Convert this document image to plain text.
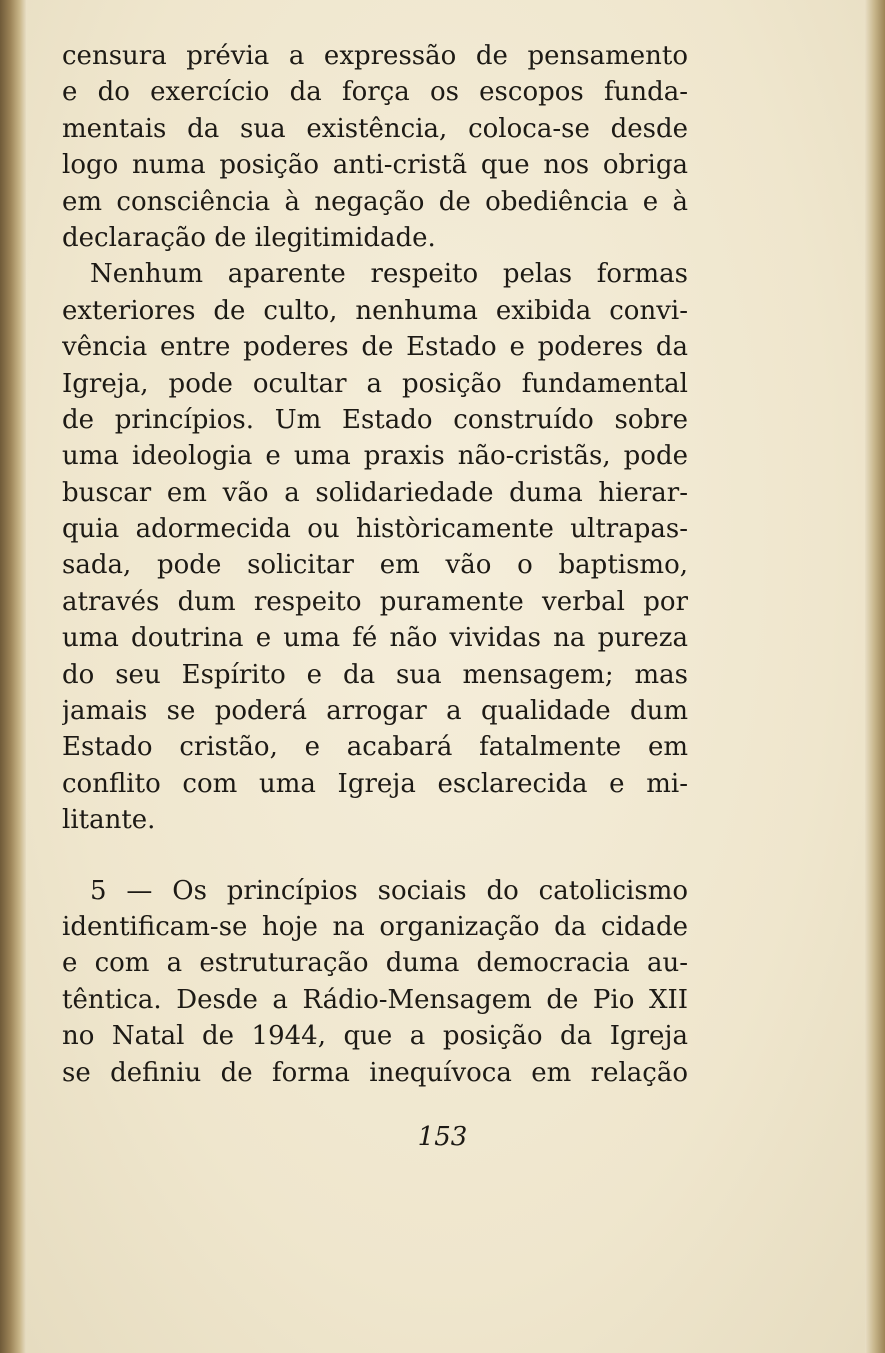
censura prévia a expressão de pensamento
e do exercício da força os escopos funda-
mentais da sua existência, coloca-se desde
logo numa posição anti-cristã que nos obriga
em consciência à negação de obediência e à
declaração de ilegitimidade.
Nenhum aparente respeito pelas formas
exteriores de culto, nenhuma exibida convi-
vência entre poderes de Estado e poderes da
Igreja, pode ocultar a posição fundamental
de princípios. Um Estado construído sobre
uma ideologia e uma praxis não-cristãs, pode
buscar em vão a solidariedade duma hierar-
quia adormecida ou històricamente ultrapas-
sada, pode solicitar em vão o baptismo,
através dum respeito puramente verbal por
uma doutrina e uma fé não vividas na pureza
do seu Espírito e da sua mensagem; mas
jamais se poderá arrogar a qualidade dum
Estado cristão, e acabará fatalmente em
conflito com uma Igreja esclarecida e mi-
litante.
5 — Os princípios sociais do catolicismo
identificam-se hoje na organização da cidade
e com a estruturação duma democracia au-
têntica. Desde a Rádio-Mensagem de Pio XII
no Natal de 1944, que a posição da Igreja
se definiu de forma inequívoca em relação
153
